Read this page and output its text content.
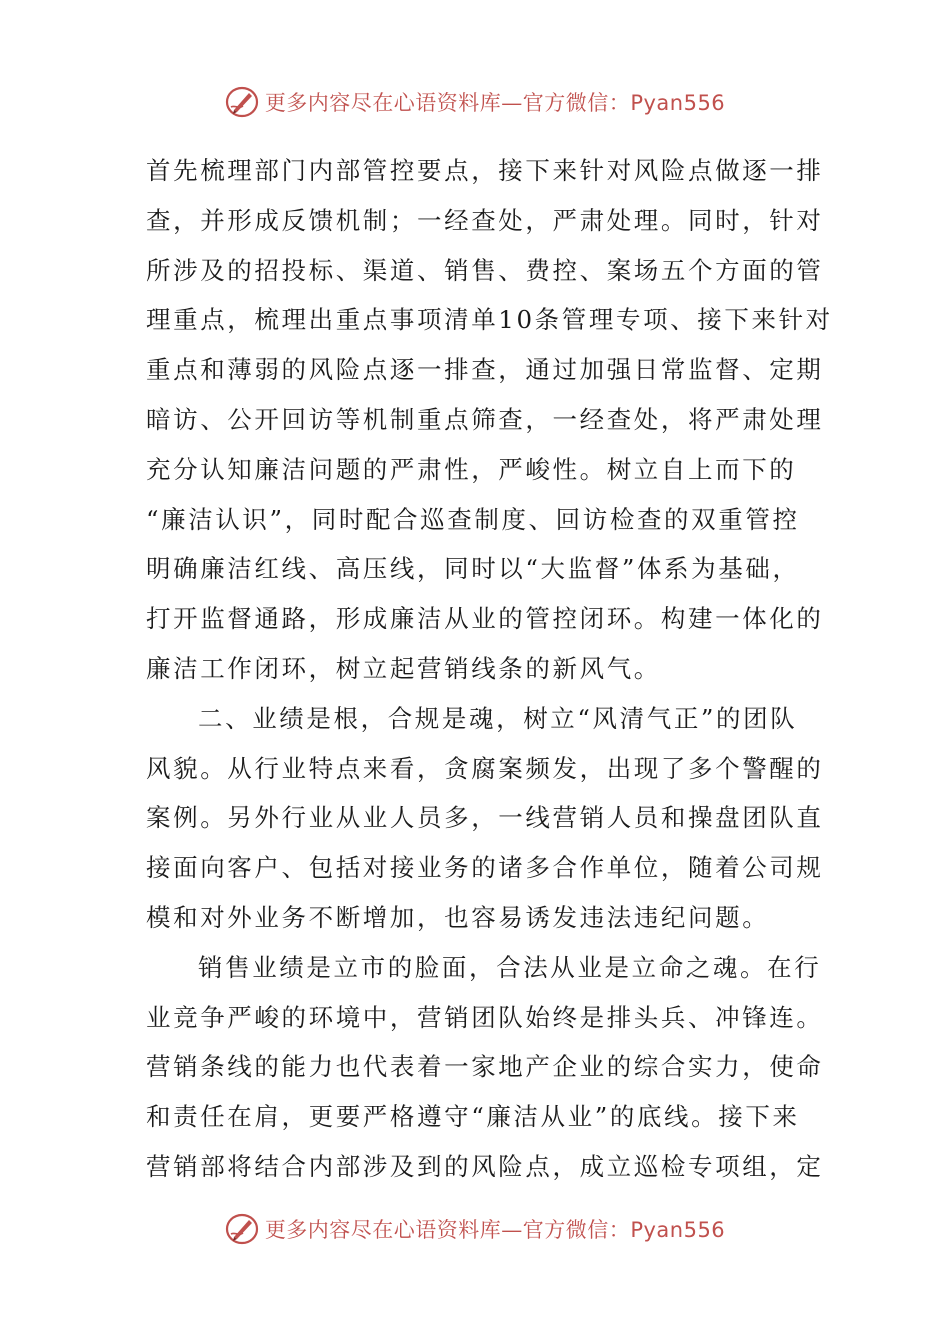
更多内容尽在心语资料库—官方微信：Pyan556
首先梳理部门内部管控要点，接下来针对风险点做逐一排
查，并形成反馈机制；一经查处，严肃处理。同时，针对
所涉及的招投标、渠道、销售、费控、案场五个方面的管
理重点，梳理出重点事项清单10条管理专项、接下来针对
重点和薄弱的风险点逐一排查，通过加强日常监督、定期
暗访、公开回访等机制重点筛查，一经查处，将严肃处理
充分认知廉洁问题的严肃性，严峻性。树立自上而下的
“廉洁认识”，同时配合巡查制度、回访检查的双重管控
明确廉洁红线、高压线，同时以“大监督”体系为基础，
打开监督通路，形成廉洁从业的管控闭环。构建一体化的
廉洁工作闭环，树立起营销线条的新风气。
二、业绩是根，合规是魂，树立“风清气正”的团队
风貌。从行业特点来看，贪腐案频发，出现了多个警醒的
案例。另外行业从业人员多，一线营销人员和操盘团队直
接面向客户、包括对接业务的诸多合作单位，随着公司规
模和对外业务不断增加，也容易诱发违法违纪问题。
销售业绩是立市的脸面，合法从业是立命之魂。在行
业竞争严峻的环境中，营销团队始终是排头兵、冲锋连。
营销条线的能力也代表着一家地产企业的综合实力，使命
和责任在肩，更要严格遵守“廉洁从业”的底线。接下来
营销部将结合内部涉及到的风险点，成立巡检专项组，定
更多内容尽在心语资料库—官方微信：Pyan556
